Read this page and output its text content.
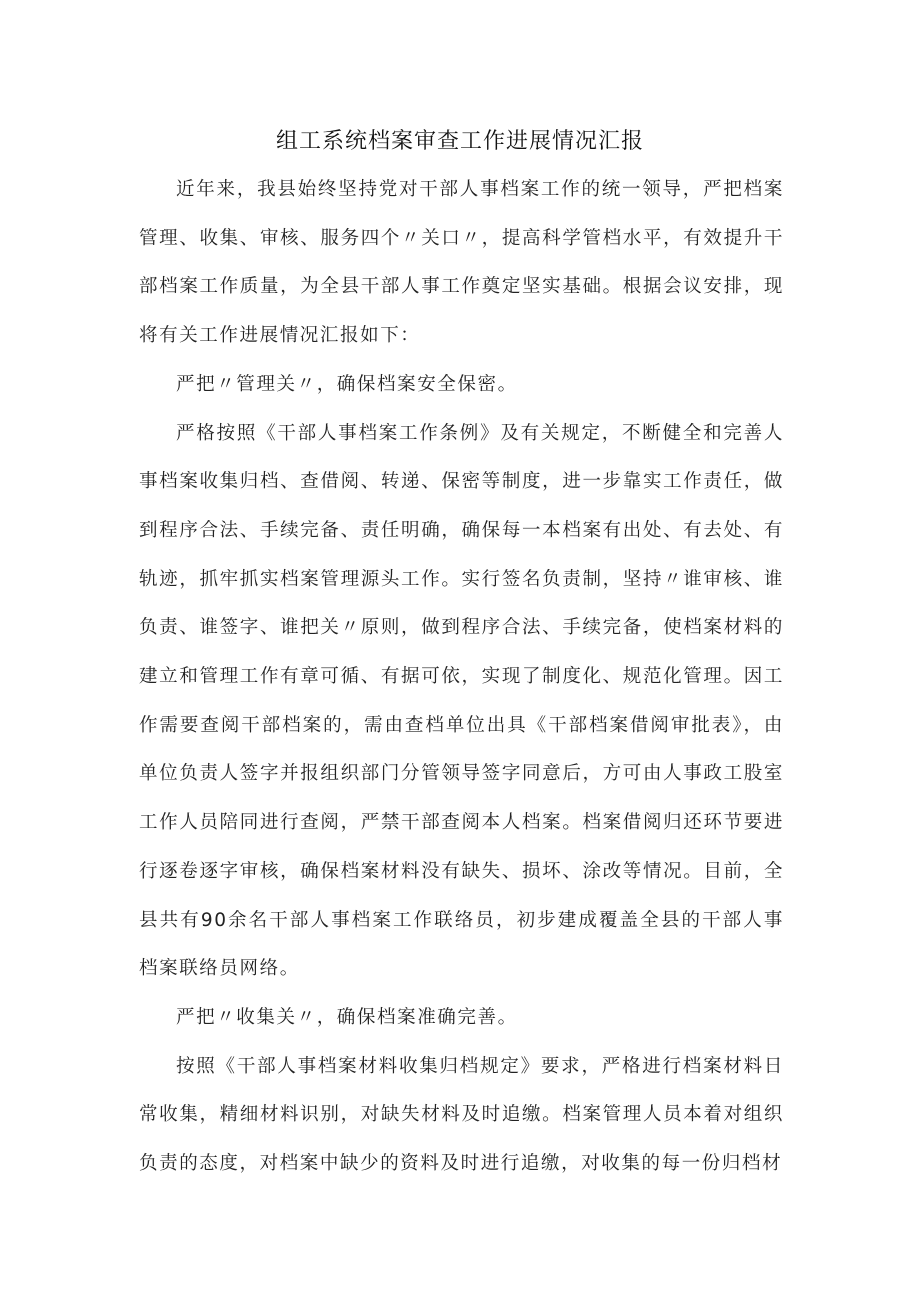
组工系统档案审查工作进展情况汇报

近年来，我县始终坚持党对干部人事档案工作的统一领导，严把档案管理、收集、审核、服务四个〃关口〃，提高科学管档水平，有效提升干部档案工作质量，为全县干部人事工作奠定坚实基础。根据会议安排，现将有关工作进展情况汇报如下：

严把〃管理关〃，确保档案安全保密。

严格按照《干部人事档案工作条例》及有关规定，不断健全和完善人事档案收集归档、查借阅、转递、保密等制度，进一步靠实工作责任，做到程序合法、手续完备、责任明确，确保每一本档案有出处、有去处、有轨迹，抓牢抓实档案管理源头工作。实行签名负责制，坚持〃谁审核、谁负责、谁签字、谁把关〃原则，做到程序合法、手续完备，使档案材料的建立和管理工作有章可循、有据可依，实现了制度化、规范化管理。因工作需要查阅干部档案的，需由查档单位出具《干部档案借阅审批表》，由单位负责人签字并报组织部门分管领导签字同意后，方可由人事政工股室工作人员陪同进行查阅，严禁干部查阅本人档案。档案借阅归还环节要进行逐卷逐字审核，确保档案材料没有缺失、损坏、涂改等情况。目前，全县共有90余名干部人事档案工作联络员，初步建成覆盖全县的干部人事档案联络员网络。

严把〃收集关〃，确保档案准确完善。

按照《干部人事档案材料收集归档规定》要求，严格进行档案材料日常收集，精细材料识别，对缺失材料及时追缴。档案管理人员本着对组织负责的态度，对档案中缺少的资料及时进行追缴，对收集的每一份归档材
